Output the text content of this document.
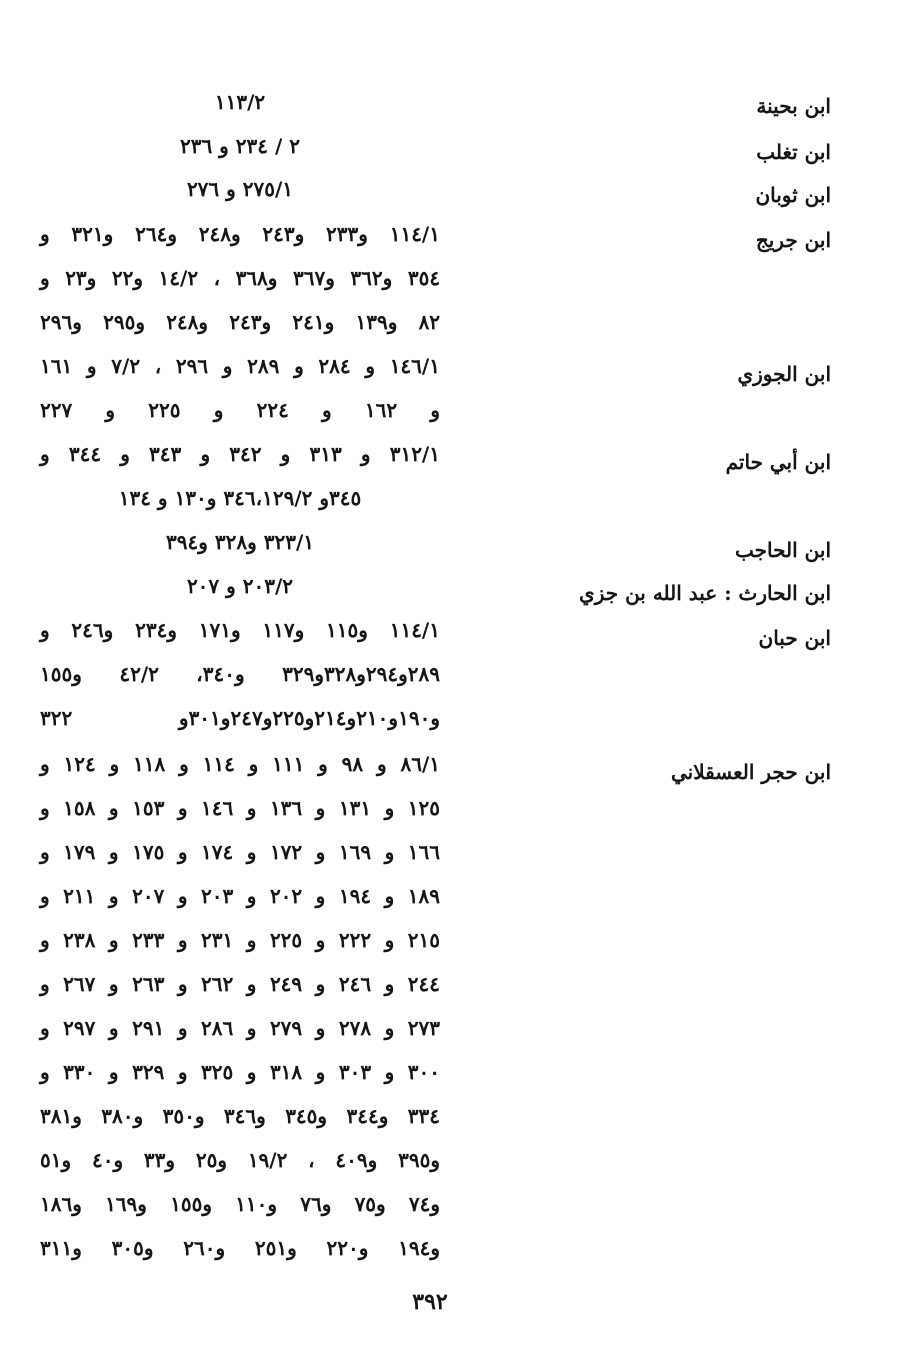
ابن بحينة
١١٣/٢
ابن تغلب
٢ / ٢٣٤ و ٢٣٦
ابن ثوبان
٢٧٥/١ و ٢٧٦
ابن جريج
١١٤/١ و٢٣٣ و٢٤٣ و٢٤٨ و٢٦٤ و٣٢١ و
٣٥٤ و٣٦٢ و٣٦٧ و٣٦٨ ، ١٤/٢ و٢٢ و٢٣ و
٨٢ و١٣٩ و٢٤١ و٢٤٣ و٢٤٨ و٢٩٥ و٢٩٦
ابن الجوزي
١٤٦/١ و ٢٨٤ و ٢٨٩ و ٢٩٦ ، ٧/٢ و ١٦١
و ١٦٢ و ٢٢٤ و ٢٢٥ و ٢٢٧
ابن أبي حاتم
٣١٢/١ و ٣١٣ و ٣٤٢ و ٣٤٣ و ٣٤٤ و
٣٤٥و ٣٤٦،١٢٩/٢ و١٣٠ و ١٣٤
ابن الحاجب
٣٢٣/١ و٣٢٨ و٣٩٤
ابن الحارث : عبد الله بن جزي
٢٠٣/٢ و ٢٠٧
ابن حبان
١١٤/١ و١١٥ و١١٧ و١٧١ و٢٣٤ و٢٤٦ و
٢٨٩و٢٩٤و٣٢٨و٣٢٩ و٣٤٠، ٤٢/٢ و١٥٥
و١٩٠و٢١٠و٢١٤و٢٢٥و٢٤٧و٣٠١و ٣٢٢
ابن حجر العسقلاني
٨٦/١ و ٩٨ و ١١١ و ١١٤ و ١١٨ و ١٢٤ و
١٢٥ و ١٣١ و ١٣٦ و ١٤٦ و ١٥٣ و ١٥٨ و
١٦٦ و ١٦٩ و ١٧٢ و ١٧٤ و ١٧٥ و ١٧٩ و
١٨٩ و ١٩٤ و ٢٠٢ و ٢٠٣ و ٢٠٧ و ٢١١ و
٢١٥ و ٢٢٢ و ٢٢٥ و ٢٣١ و ٢٣٣ و ٢٣٨ و
٢٤٤ و ٢٤٦ و ٢٤٩ و ٢٦٢ و ٢٦٣ و ٢٦٧ و
٢٧٣ و ٢٧٨ و ٢٧٩ و ٢٨٦ و ٢٩١ و ٢٩٧ و
٣٠٠ و ٣٠٣ و ٣١٨ و ٣٢٥ و ٣٢٩ و ٣٣٠ و
٣٣٤ و٣٤٤ و٣٤٥ و٣٤٦ و٣٥٠ و٣٨٠ و٣٨١
و٣٩٥ و٤٠٩ ، ١٩/٢ و٢٥ و٣٣ و٤٠ و٥١
و٧٤ و٧٥ و٧٦ و١١٠ و١٥٥ و١٦٩ و١٨٦
و١٩٤ و٢٢٠ و٢٥١ و٢٦٠ و٣٠٥ و٣١١
٣٩٢
